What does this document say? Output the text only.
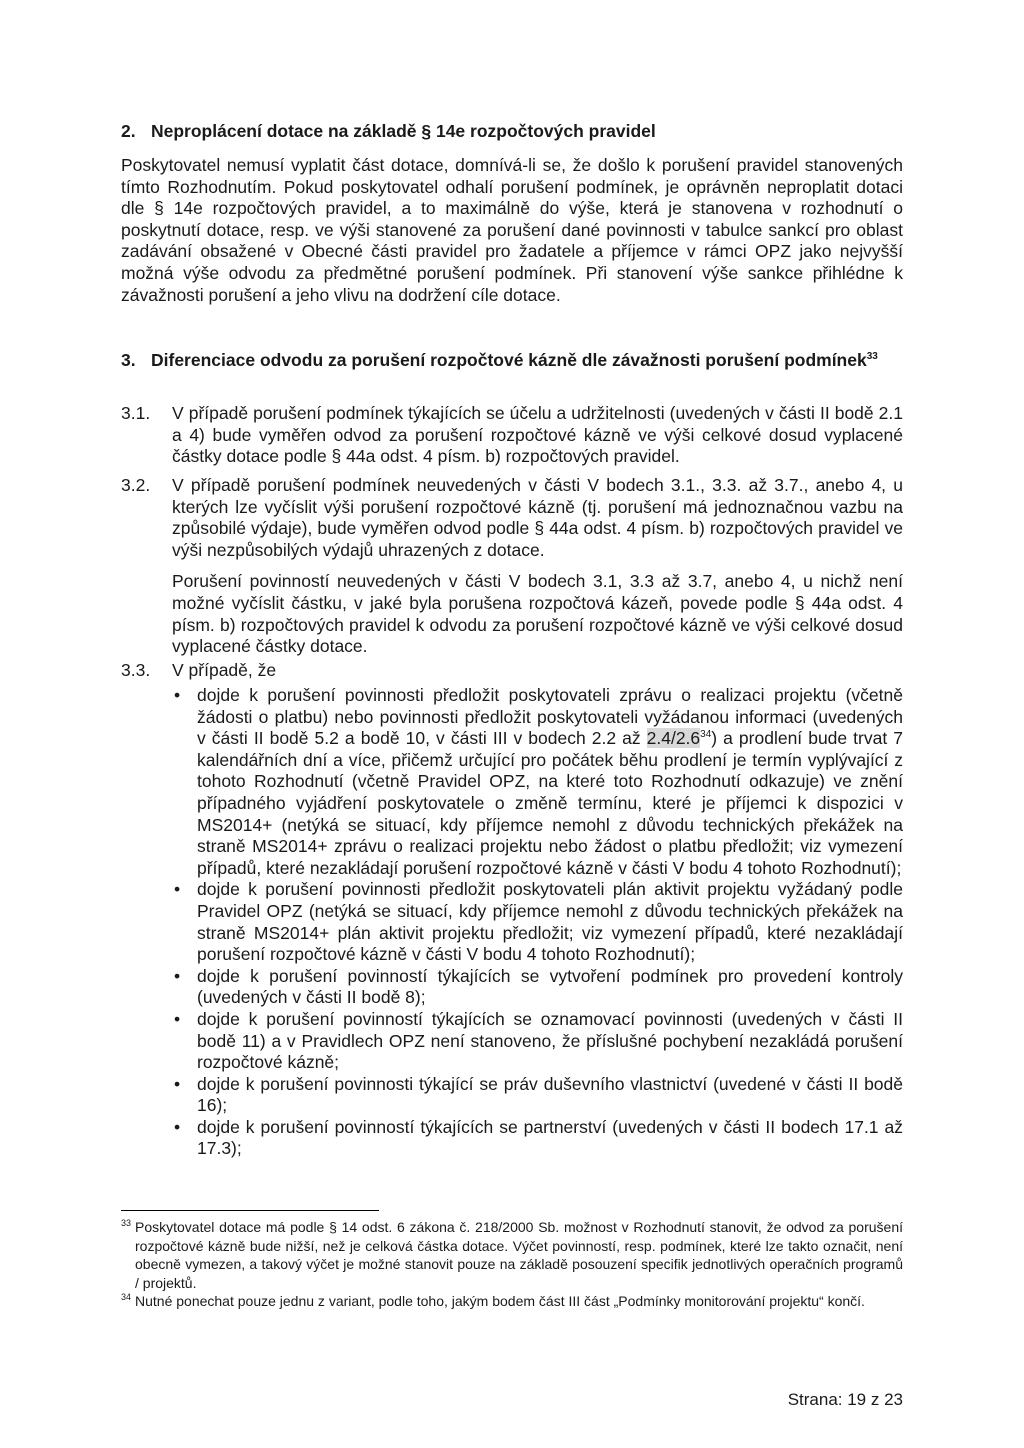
2. Neproplácení dotace na základě § 14e rozpočtových pravidel

Poskytovatel nemusí vyplatit část dotace, domnívá-li se, že došlo k porušení pravidel stanovených tímto Rozhodnutím. Pokud poskytovatel odhalí porušení podmínek, je oprávněn neproplatit dotaci dle § 14e rozpočtových pravidel, a to maximálně do výše, která je stanovena v rozhodnutí o poskytnutí dotace, resp. ve výši stanovené za porušení dané povinnosti v tabulce sankcí pro oblast zadávání obsažené v Obecné části pravidel pro žadatele a příjemce v rámci OPZ jako nejvyšší možná výše odvodu za předmětné porušení podmínek. Při stanovení výše sankce přihlédne k závažnosti porušení a jeho vlivu na dodržení cíle dotace.

3. Diferenciace odvodu za porušení rozpočtové kázně dle závažnosti porušení podmínek$^{33}$
3.1. V případě porušení podmínek týkajících se účelu a udržitelnosti (uvedených v části II bodě 2.1 a 4) bude vyměřen odvod za porušení rozpočtové kázně ve výši celkové dosud vyplacené částky dotace podle § 44a odst. 4 písm. b) rozpočtových pravidel.
3.2. V případě porušení podmínek neuvedených v části V bodech 3.1., 3.3. až 3.7., anebo 4, u kterých lze vyčíslit výši porušení rozpočtové kázně (tj. porušení má jednoznačnou vazbu na způsobilé výdaje), bude vyměřen odvod podle § 44a odst. 4 písm. b) rozpočtových pravidel ve výši nezpůsobilých výdajů uhrazených z dotace.
Porušení povinností neuvedených v části V bodech 3.1, 3.3 až 3.7, anebo 4, u nichž není možné vyčíslit částku, v jaké byla porušena rozpočtová kázeň, povede podle § 44a odst. 4 písm. b) rozpočtových pravidel k odvodu za porušení rozpočtové kázně ve výši celkové dosud vyplacené částky dotace.
3.3. V případě, že
• dojde k porušení povinnosti předložit poskytovateli zprávu o realizaci projektu (včetně žádosti o platbu) nebo povinnosti předložit poskytovateli vyžádanou informaci (uvedených v části II bodě 5.2 a bodě 10, v části III v bodech 2.2 až $2.4/2.6^{34}$) a prodlení bude trvat 7 kalendářních dní a více, přičemž určující pro počátek běhu prodlení je termín vyplývající z tohoto Rozhodnutí (včetně Pravidel OPZ, na které toto Rozhodnutí odkazuje) ve znění případného vyjádření poskytovatele o změně termínu, které je příjemci k dispozici v MS2014+ (netýká se situací, kdy příjemce nemohl z důvodu technických překážek na straně MS2014+ zprávu o realizaci projektu nebo žádost o platbu předložit; viz vymezení případů, které nezakládají porušení rozpočtové kázně v části V bodu 4 tohoto Rozhodnutí);
• dojde k porušení povinnosti předložit poskytovateli plán aktivit projektu vyžádaný podle Pravidel OPZ (netýká se situací, kdy příjemce nemohl z důvodu technických překážek na straně MS2014+ plán aktivit projektu předložit; viz vymezení případů, které nezakládají porušení rozpočtové kázně v části V bodu 4 tohoto Rozhodnutí);
• dojde k porušení povinností týkajících se vytvoření podmínek pro provedení kontroly (uvedených v části II bodě 8);
• dojde k porušení povinností týkajících se oznamovací povinnosti (uvedených v části II bodě 11) a v Pravidlech OPZ není stanoveno, že příslušné pochybení nezakládá porušení rozpočtové kázně;
• dojde k porušení povinnosti týkající se práv duševního vlastnictví (uvedené v části II bodě 16);
• dojde k porušení povinností týkajících se partnerství (uvedených v části II bodech 17.1 až 17.3);
33 Poskytovatel dotace má podle § 14 odst. 6 zákona č. 218/2000 Sb. možnost v Rozhodnutí stanovit, že odvod za porušení rozpočtové kázně bude nižší, než je celková částka dotace. Výčet povinností, resp. podmínek, které lze takto označit, není obecně vymezen, a takový výčet je možné stanovit pouze na základě posouzení specifik jednotlivých operačních programů / projektů.
34 Nutné ponechat pouze jednu z variant, podle toho, jakým bodem část III část „Podmínky monitorování projektu“ končí.
Strana: 19 z 23
